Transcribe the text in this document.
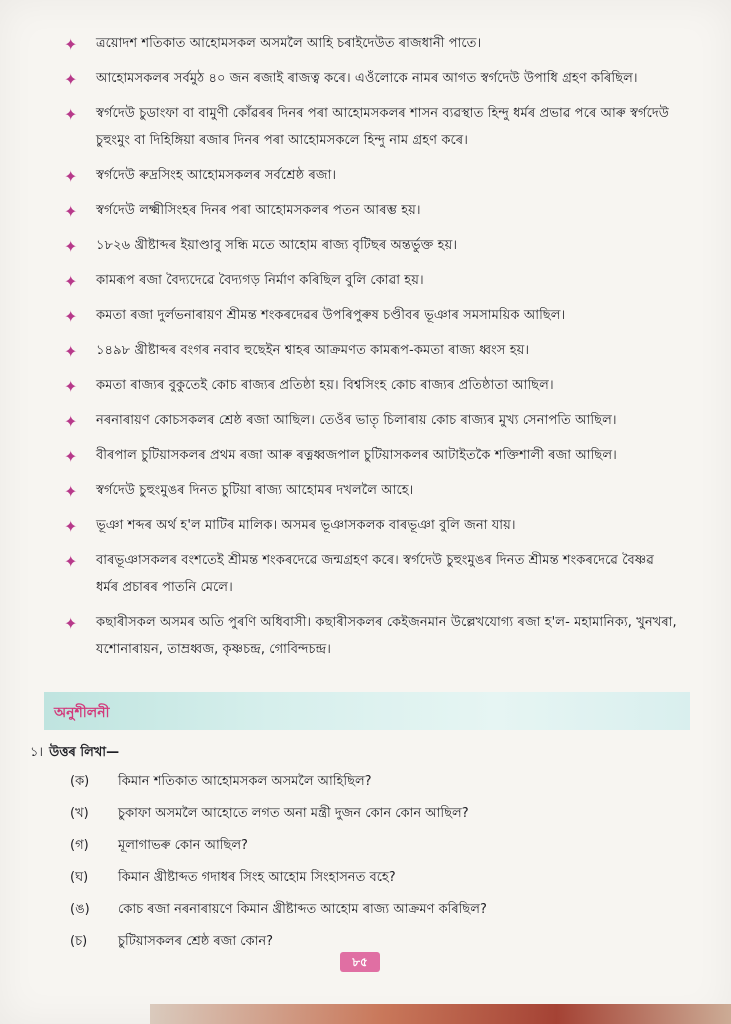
✦ ত্ৰয়োদশ শতিকাত আহোমসকল অসমলৈ আহি চৰাইদেউত ৰাজধানী পাতে।
✦ আহোমসকলৰ সৰ্বমুঠ ৪০ জন ৰজাই ৰাজত্ব কৰে। এওঁলোকে নামৰ আগত স্বৰ্গদেউ উপাধি গ্ৰহণ কৰিছিল।
✦ স্বৰ্গদেউ চুডাংফা বা বামুণী কোঁৱৰৰ দিনৰ পৰা আহোমসকলৰ শাসন ব্যৱস্থাত হিন্দু ধৰ্মৰ প্ৰভাৱ পৰে আৰু স্বৰ্গদেউ চুহুংমুং বা দিহিঙ্গিয়া ৰজাৰ দিনৰ পৰা আহোমসকলে হিন্দু নাম গ্ৰহণ কৰে।
✦ স্বৰ্গদেউ ৰুদ্ৰসিংহ আহোমসকলৰ সৰ্বশ্ৰেষ্ঠ ৰজা।
✦ স্বৰ্গদেউ লক্ষ্মীসিংহৰ দিনৰ পৰা আহোমসকলৰ পতন আৰম্ভ হয়।
✦ ১৮২৬ খ্ৰীষ্টাব্দৰ ইয়াণ্ডাবু সন্ধি মতে আহোম ৰাজ্য বৃটিছৰ অন্তৰ্ভুক্ত হয়।
✦ কামৰূপ ৰজা বৈদ্যদেৱে বৈদ্যগড় নিৰ্মাণ কৰিছিল বুলি কোৱা হয়।
✦ কমতা ৰজা দুৰ্লভনাৰায়ণ শ্ৰীমন্ত শংকৰদেৱৰ উপৰিপুৰুষ চণ্ডীবৰ ভূঞাৰ সমসাময়িক আছিল।
✦ ১৪৯৮ খ্ৰীষ্টাব্দৰ বংগৰ নবাব হুছেইন শ্বাহৰ আক্ৰমণত কামৰূপ-কমতা ৰাজ্য ধ্বংস হয়।
✦ কমতা ৰাজ্যৰ বুকুতেই কোচ ৰাজ্যৰ প্ৰতিষ্ঠা হয়। বিশ্বসিংহ কোচ ৰাজ্যৰ প্ৰতিষ্ঠাতা আছিল।
✦ নৰনাৰায়ণ কোচসকলৰ শ্ৰেষ্ঠ ৰজা আছিল। তেওঁৰ ভাতৃ চিলাৰায় কোচ ৰাজ্যৰ মুখ্য সেনাপতি আছিল।
✦ বীৰপাল চুটিয়াসকলৰ প্ৰথম ৰজা আৰু ৰত্নধ্বজপাল চুটিয়াসকলৰ আটাইতকৈ শক্তিশালী ৰজা আছিল।
✦ স্বৰ্গদেউ চুহুংমুঙৰ দিনত চুটিয়া ৰাজ্য আহোমৰ দখললৈ আহে।
✦ ভূঞা শব্দৰ অৰ্থ হ'ল মাটিৰ মালিক। অসমৰ ভূঞাসকলক বাৰভূঞা বুলি জনা যায়।
✦ বাৰভূঞাসকলৰ বংশতেই শ্ৰীমন্ত শংকৰদেৱে জন্মগ্ৰহণ কৰে। স্বৰ্গদেউ চুহুংমুঙৰ দিনত শ্ৰীমন্ত শংকৰদেৱে বৈষ্ণৱ ধৰ্মৰ প্ৰচাৰৰ পাতনি মেলে।
✦ কছাৰীসকল অসমৰ অতি পুৰণি অধিবাসী। কছাৰীসকলৰ কেইজনমান উল্লেখযোগ্য ৰজা হ'ল- মহামানিক্য, খুনখৰা, যশোনাৰায়ন, তাম্ৰধ্বজ, কৃষ্ণচন্দ্ৰ, গোবিন্দচন্দ্ৰ।
অনুশীলনী
১। উত্তৰ লিখা—
(ক) কিমান শতিকাত আহোমসকল অসমলৈ আহিছিল?
(খ) চুকাফা অসমলৈ আহোতে লগত অনা মন্ত্ৰী দুজন কোন কোন আছিল?
(গ) মূলাগাভৰু কোন আছিল?
(ঘ) কিমান খ্ৰীষ্টাব্দত গদাধৰ সিংহ আহোম সিংহাসনত বহে?
(ঙ) কোচ ৰজা নৰনাৰায়ণে কিমান খ্ৰীষ্টাব্দত আহোম ৰাজ্য আক্ৰমণ কৰিছিল?
(চ) চুটিয়াসকলৰ শ্ৰেষ্ঠ ৰজা কোন?
৮৫
